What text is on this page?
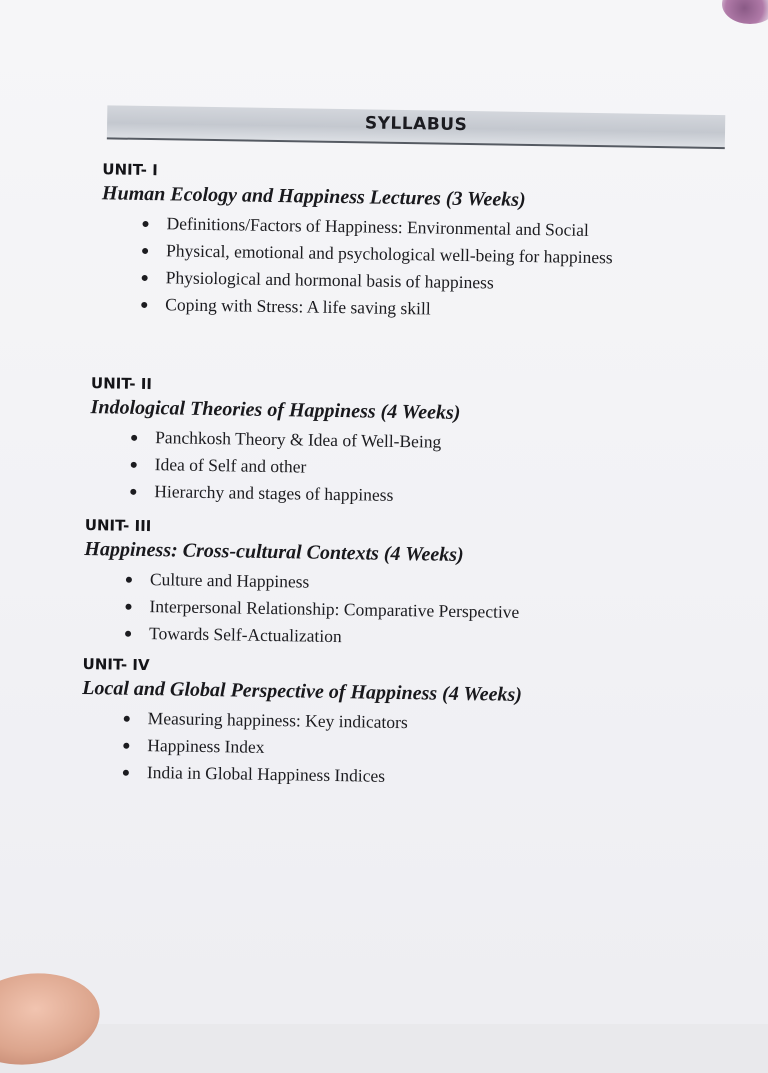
SYLLABUS
UNIT- I
Human Ecology and Happiness Lectures (3 Weeks)
Definitions/Factors of Happiness: Environmental and Social
Physical, emotional and psychological well-being for happiness
Physiological and hormonal basis of happiness
Coping with Stress: A life saving skill
UNIT- II
Indological Theories of Happiness (4 Weeks)
Panchkosh Theory & Idea of Well-Being
Idea of Self and other
Hierarchy and stages of happiness
UNIT- III
Happiness: Cross-cultural Contexts (4 Weeks)
Culture and Happiness
Interpersonal Relationship: Comparative Perspective
Towards Self-Actualization
UNIT- IV
Local and Global Perspective of Happiness (4 Weeks)
Measuring happiness: Key indicators
Happiness Index
India in Global Happiness Indices
